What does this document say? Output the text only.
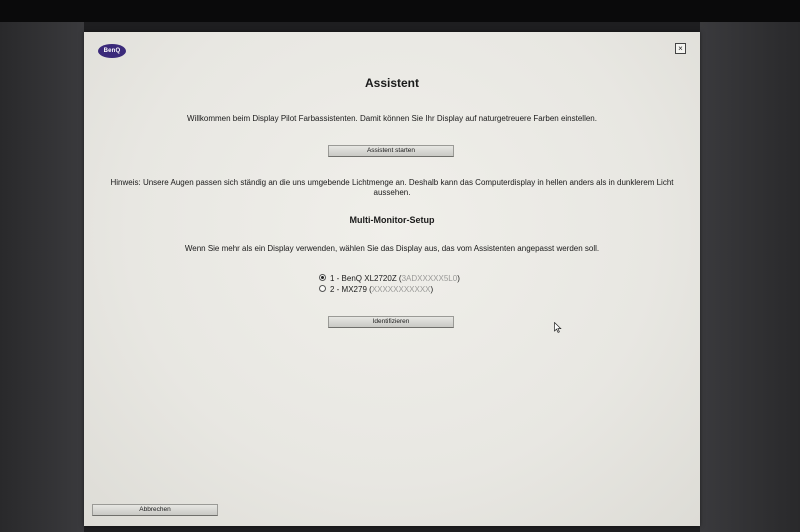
BenQ	×
Assistent
Willkommen beim Display Pilot Farbassistenten. Damit können Sie Ihr Display auf naturgetreuere Farben einstellen.
Assistent starten
Hinweis: Unsere Augen passen sich ständig an die uns umgebende Lichtmenge an. Deshalb kann das Computerdisplay in hellen anders als in dunklerem Licht
aussehen.
Multi-Monitor-Setup
Wenn Sie mehr als ein Display verwenden, wählen Sie das Display aus, das vom Assistenten angepasst werden soll.
1 - BenQ XL2720Z (3ADXXXXX5L0)
2 - MX279 (XXXXXXXXXXX)
Identifizieren
Abbrechen
